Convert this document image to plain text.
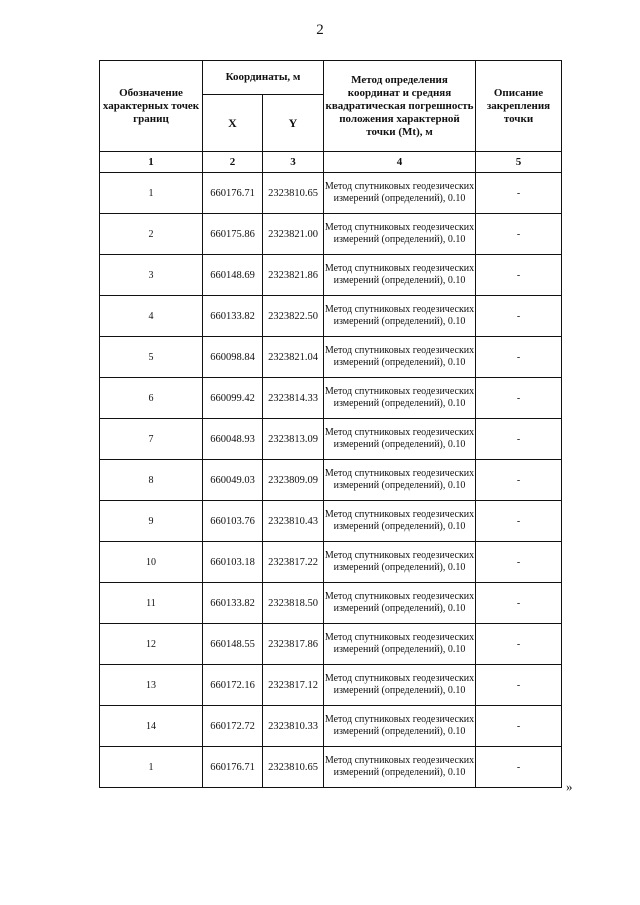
2
Обозначение характерных точек границ	Координаты, м		Метод определения координат и средняя квадратическая погрешность положения характерной точки (Mt), м	Описание закрепления точки
	X	Y		
1	2	3	4	5
1	660176.71	2323810.65	Метод спутниковых геодезических измерений (определений), 0.10	-
2	660175.86	2323821.00	Метод спутниковых геодезических измерений (определений), 0.10	-
3	660148.69	2323821.86	Метод спутниковых геодезических измерений (определений), 0.10	-
4	660133.82	2323822.50	Метод спутниковых геодезических измерений (определений), 0.10	-
5	660098.84	2323821.04	Метод спутниковых геодезических измерений (определений), 0.10	-
6	660099.42	2323814.33	Метод спутниковых геодезических измерений (определений), 0.10	-
7	660048.93	2323813.09	Метод спутниковых геодезических измерений (определений), 0.10	-
8	660049.03	2323809.09	Метод спутниковых геодезических измерений (определений), 0.10	-
9	660103.76	2323810.43	Метод спутниковых геодезических измерений (определений), 0.10	-
10	660103.18	2323817.22	Метод спутниковых геодезических измерений (определений), 0.10	-
11	660133.82	2323818.50	Метод спутниковых геодезических измерений (определений), 0.10	-
12	660148.55	2323817.86	Метод спутниковых геодезических измерений (определений), 0.10	-
13	660172.16	2323817.12	Метод спутниковых геодезических измерений (определений), 0.10	-
14	660172.72	2323810.33	Метод спутниковых геодезических измерений (определений), 0.10	-
1	660176.71	2323810.65	Метод спутниковых геодезических измерений (определений), 0.10	-
»
